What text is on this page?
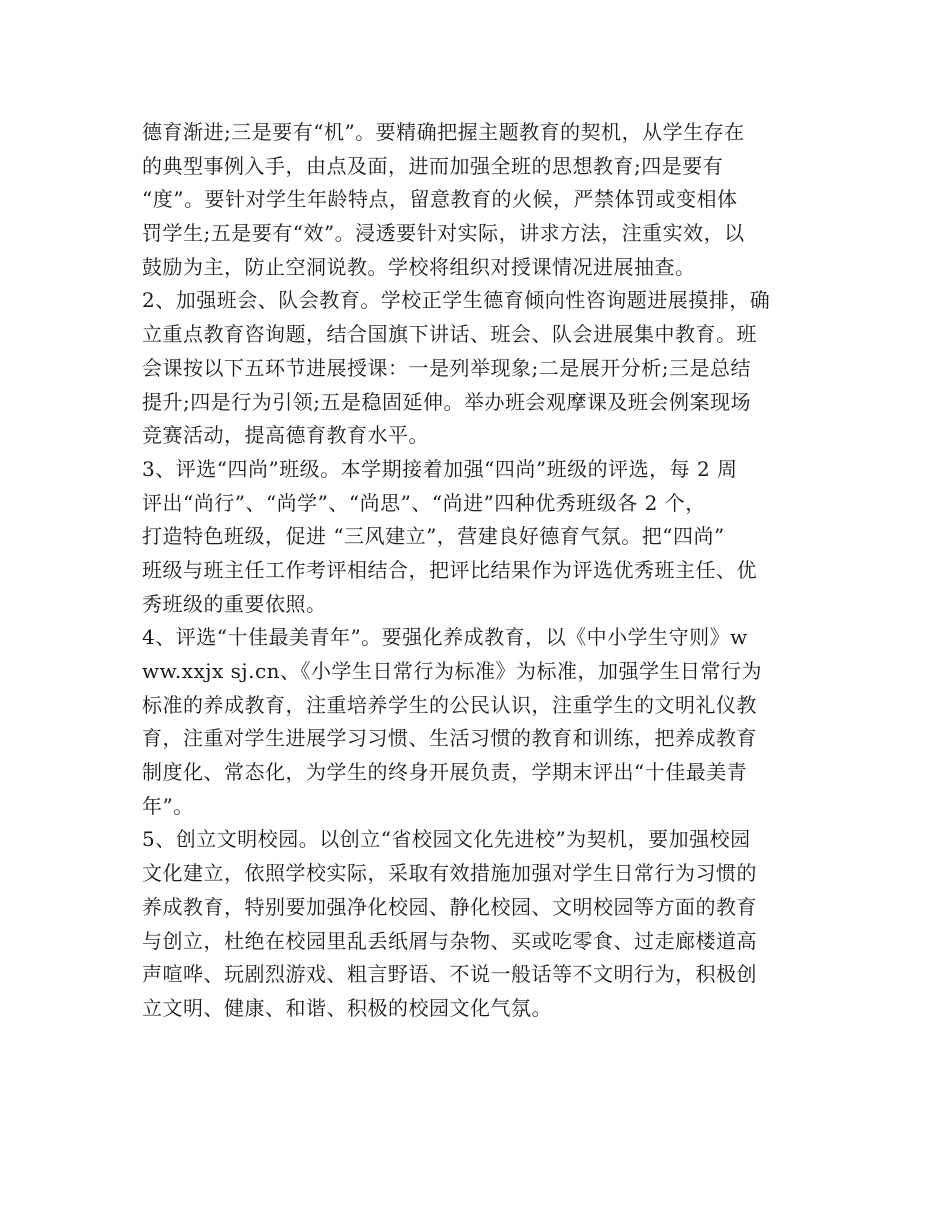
德育渐进;三是要有“机”。要精确把握主题教育的契机，从学生存在
的典型事例入手，由点及面，进而加强全班的思想教育;四是要有
“度”。要针对学生年龄特点，留意教育的火候，严禁体罚或变相体
罚学生;五是要有“效”。浸透要针对实际，讲求方法，注重实效，以
鼓励为主，防止空洞说教。学校将组织对授课情况进展抽查。
2、加强班会、队会教育。学校正学生德育倾向性咨询题进展摸排，确
立重点教育咨询题，结合国旗下讲话、班会、队会进展集中教育。班
会课按以下五环节进展授课：一是列举现象;二是展开分析;三是总结
提升;四是行为引领;五是稳固延伸。举办班会观摩课及班会例案现场
竞赛活动，提高德育教育水平。
3、评选“四尚”班级。本学期接着加强“四尚”班级的评选，每 2 周
评出“尚行”、“尚学”、“尚思”、“尚进”四种优秀班级各 2 个，
打造特色班级，促进 “三风建立”，营建良好德育气氛。把“四尚”
班级与班主任工作考评相结合，把评比结果作为评选优秀班主任、优
秀班级的重要依照。
4、评选“十佳最美青年”。要强化养成教育，以《中小学生守则》w
ww.xxjx sj.cn、《小学生日常行为标准》为标准，加强学生日常行为
标准的养成教育，注重培养学生的公民认识，注重学生的文明礼仪教
育，注重对学生进展学习习惯、生活习惯的教育和训练，把养成教育
制度化、常态化，为学生的终身开展负责，学期末评出“十佳最美青
年”。
5、创立文明校园。以创立“省校园文化先进校”为契机，要加强校园
文化建立，依照学校实际，采取有效措施加强对学生日常行为习惯的
养成教育，特别要加强净化校园、静化校园、文明校园等方面的教育
与创立，杜绝在校园里乱丢纸屑与杂物、买或吃零食、过走廊楼道高
声喧哗、玩剧烈游戏、粗言野语、不说一般话等不文明行为，积极创
立文明、健康、和谐、积极的校园文化气氛。
